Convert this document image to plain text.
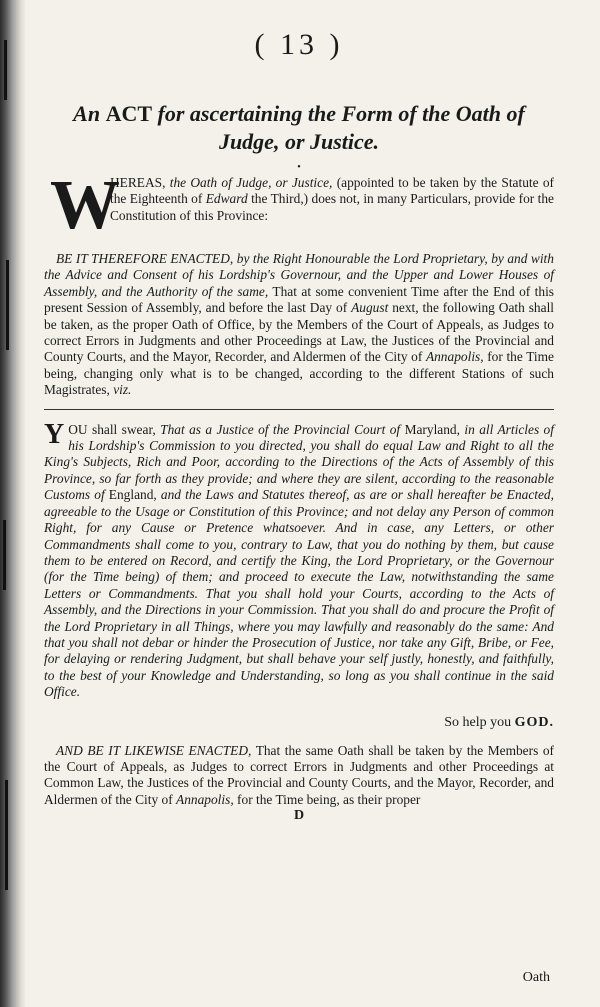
( 13 )
An ACT for ascertaining the Form of the Oath of Judge, or Justice.
•
W

HEREAS, the Oath of Judge, or Justice, (appointed to be taken by the Statute of the Eighteenth of Edward the Third,) does not, in many Particulars, provide for the Constitution of this Province:

BE IT THEREFORE ENACTED, by the Right Honourable the Lord Proprietary, by and with the Advice and Consent of his Lordship's Governour, and the Upper and Lower Houses of Assembly, and the Authority of the same, That at some convenient Time after the End of this present Session of Assembly, and before the last Day of August next, the following Oath shall be taken, as the proper Oath of Office, by the Members of the Court of Appeals, as Judges to correct Errors in Judgments and other Proceedings at Law, the Justices of the Provincial and County Courts, and the Mayor, Recorder, and Aldermen of the City of Annapolis, for the Time being, changing only what is to be changed, according to the different Stations of such Magistrates, viz.

Y OU shall swear, That as a Justice of the Provincial Court of Maryland, in all Articles of his Lordship's Commission to you directed, you shall do equal Law and Right to all the King's Subjects, Rich and Poor, according to the Directions of the Acts of Assembly of this Province, so far forth as they provide; and where they are silent, according to the reasonable Customs of England, and the Laws and Statutes thereof, as are or shall hereafter be Enacted, agreeable to the Usage or Constitution of this Province; and not delay any Person of common Right, for any Cause or Pretence whatsoever. And in case, any Letters, or other Commandments shall come to you, contrary to Law, that you do nothing by them, but cause them to be entered on Record, and certify the King, the Lord Proprietary, or the Governour (for the Time being) of them; and proceed to execute the Law, notwithstanding the same Letters or Commandments. That you shall hold your Courts, according to the Acts of Assembly, and the Directions in your Commission. That you shall do and procure the Profit of the Lord Proprietary in all Things, where you may lawfully and reasonably do the same: And that you shall not debar or hinder the Prosecution of Justice, nor take any Gift, Bribe, or Fee, for delaying or rendering Judgment, but shall behave your self justly, honestly, and faithfully, to the best of your Knowledge and Understanding, so long as you shall continue in the said Office.

So help you GOD.

AND BE IT LIKEWISE ENACTED, That the same Oath shall be taken by the Members of the Court of Appeals, as Judges to correct Errors in Judgments and other Proceedings at Common Law, the Justices of the Provincial and County Courts, and the Mayor, Recorder, and Aldermen of the City of Annapolis, for the Time being, as their proper

D
Oath
